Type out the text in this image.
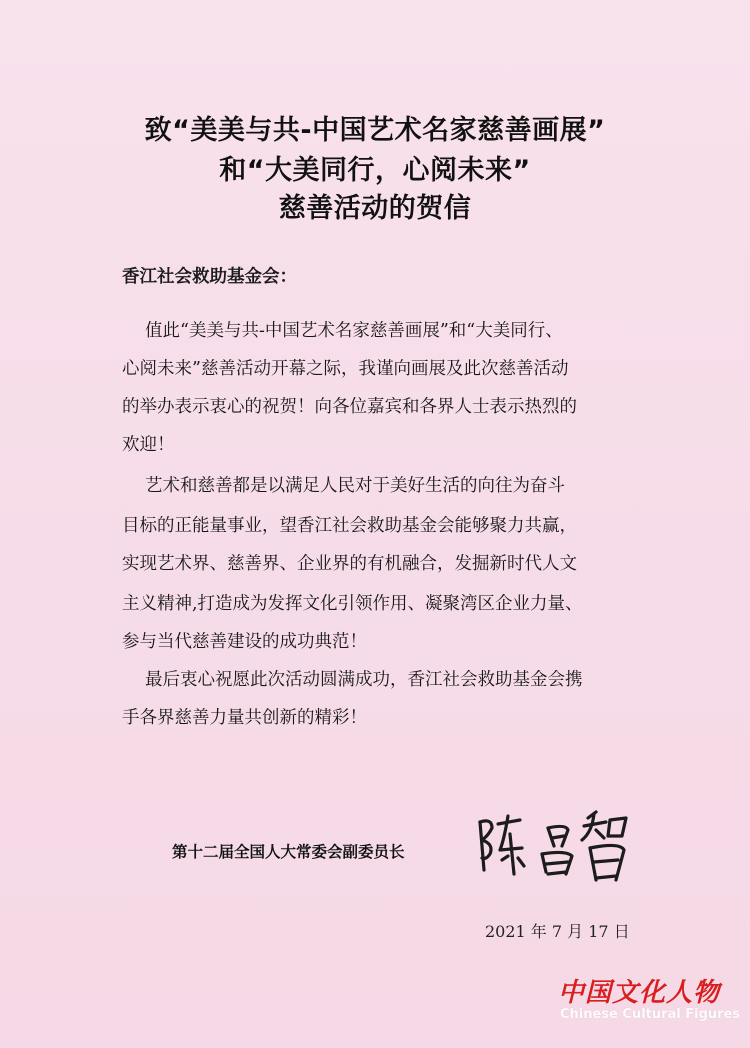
致“美美与共-中国艺术名家慈善画展”
和“大美同行，心阅未来”
慈善活动的贺信
香江社会救助基金会：
值此“美美与共-中国艺术名家慈善画展”和“大美同行、
心阅未来”慈善活动开幕之际，我谨向画展及此次慈善活动
的举办表示衷心的祝贺！向各位嘉宾和各界人士表示热烈的
欢迎！
艺术和慈善都是以满足人民对于美好生活的向往为奋斗
目标的正能量事业，望香江社会救助基金会能够聚力共赢，
实现艺术界、慈善界、企业界的有机融合，发掘新时代人文
主义精神,打造成为发挥文化引领作用、凝聚湾区企业力量、
参与当代慈善建设的成功典范！
最后衷心祝愿此次活动圆满成功，香江社会救助基金会携
手各界慈善力量共创新的精彩！
第十二届全国人大常委会副委员长
2021 年 7 月 17 日
中国文化人物
Chinese Cultural Figures
